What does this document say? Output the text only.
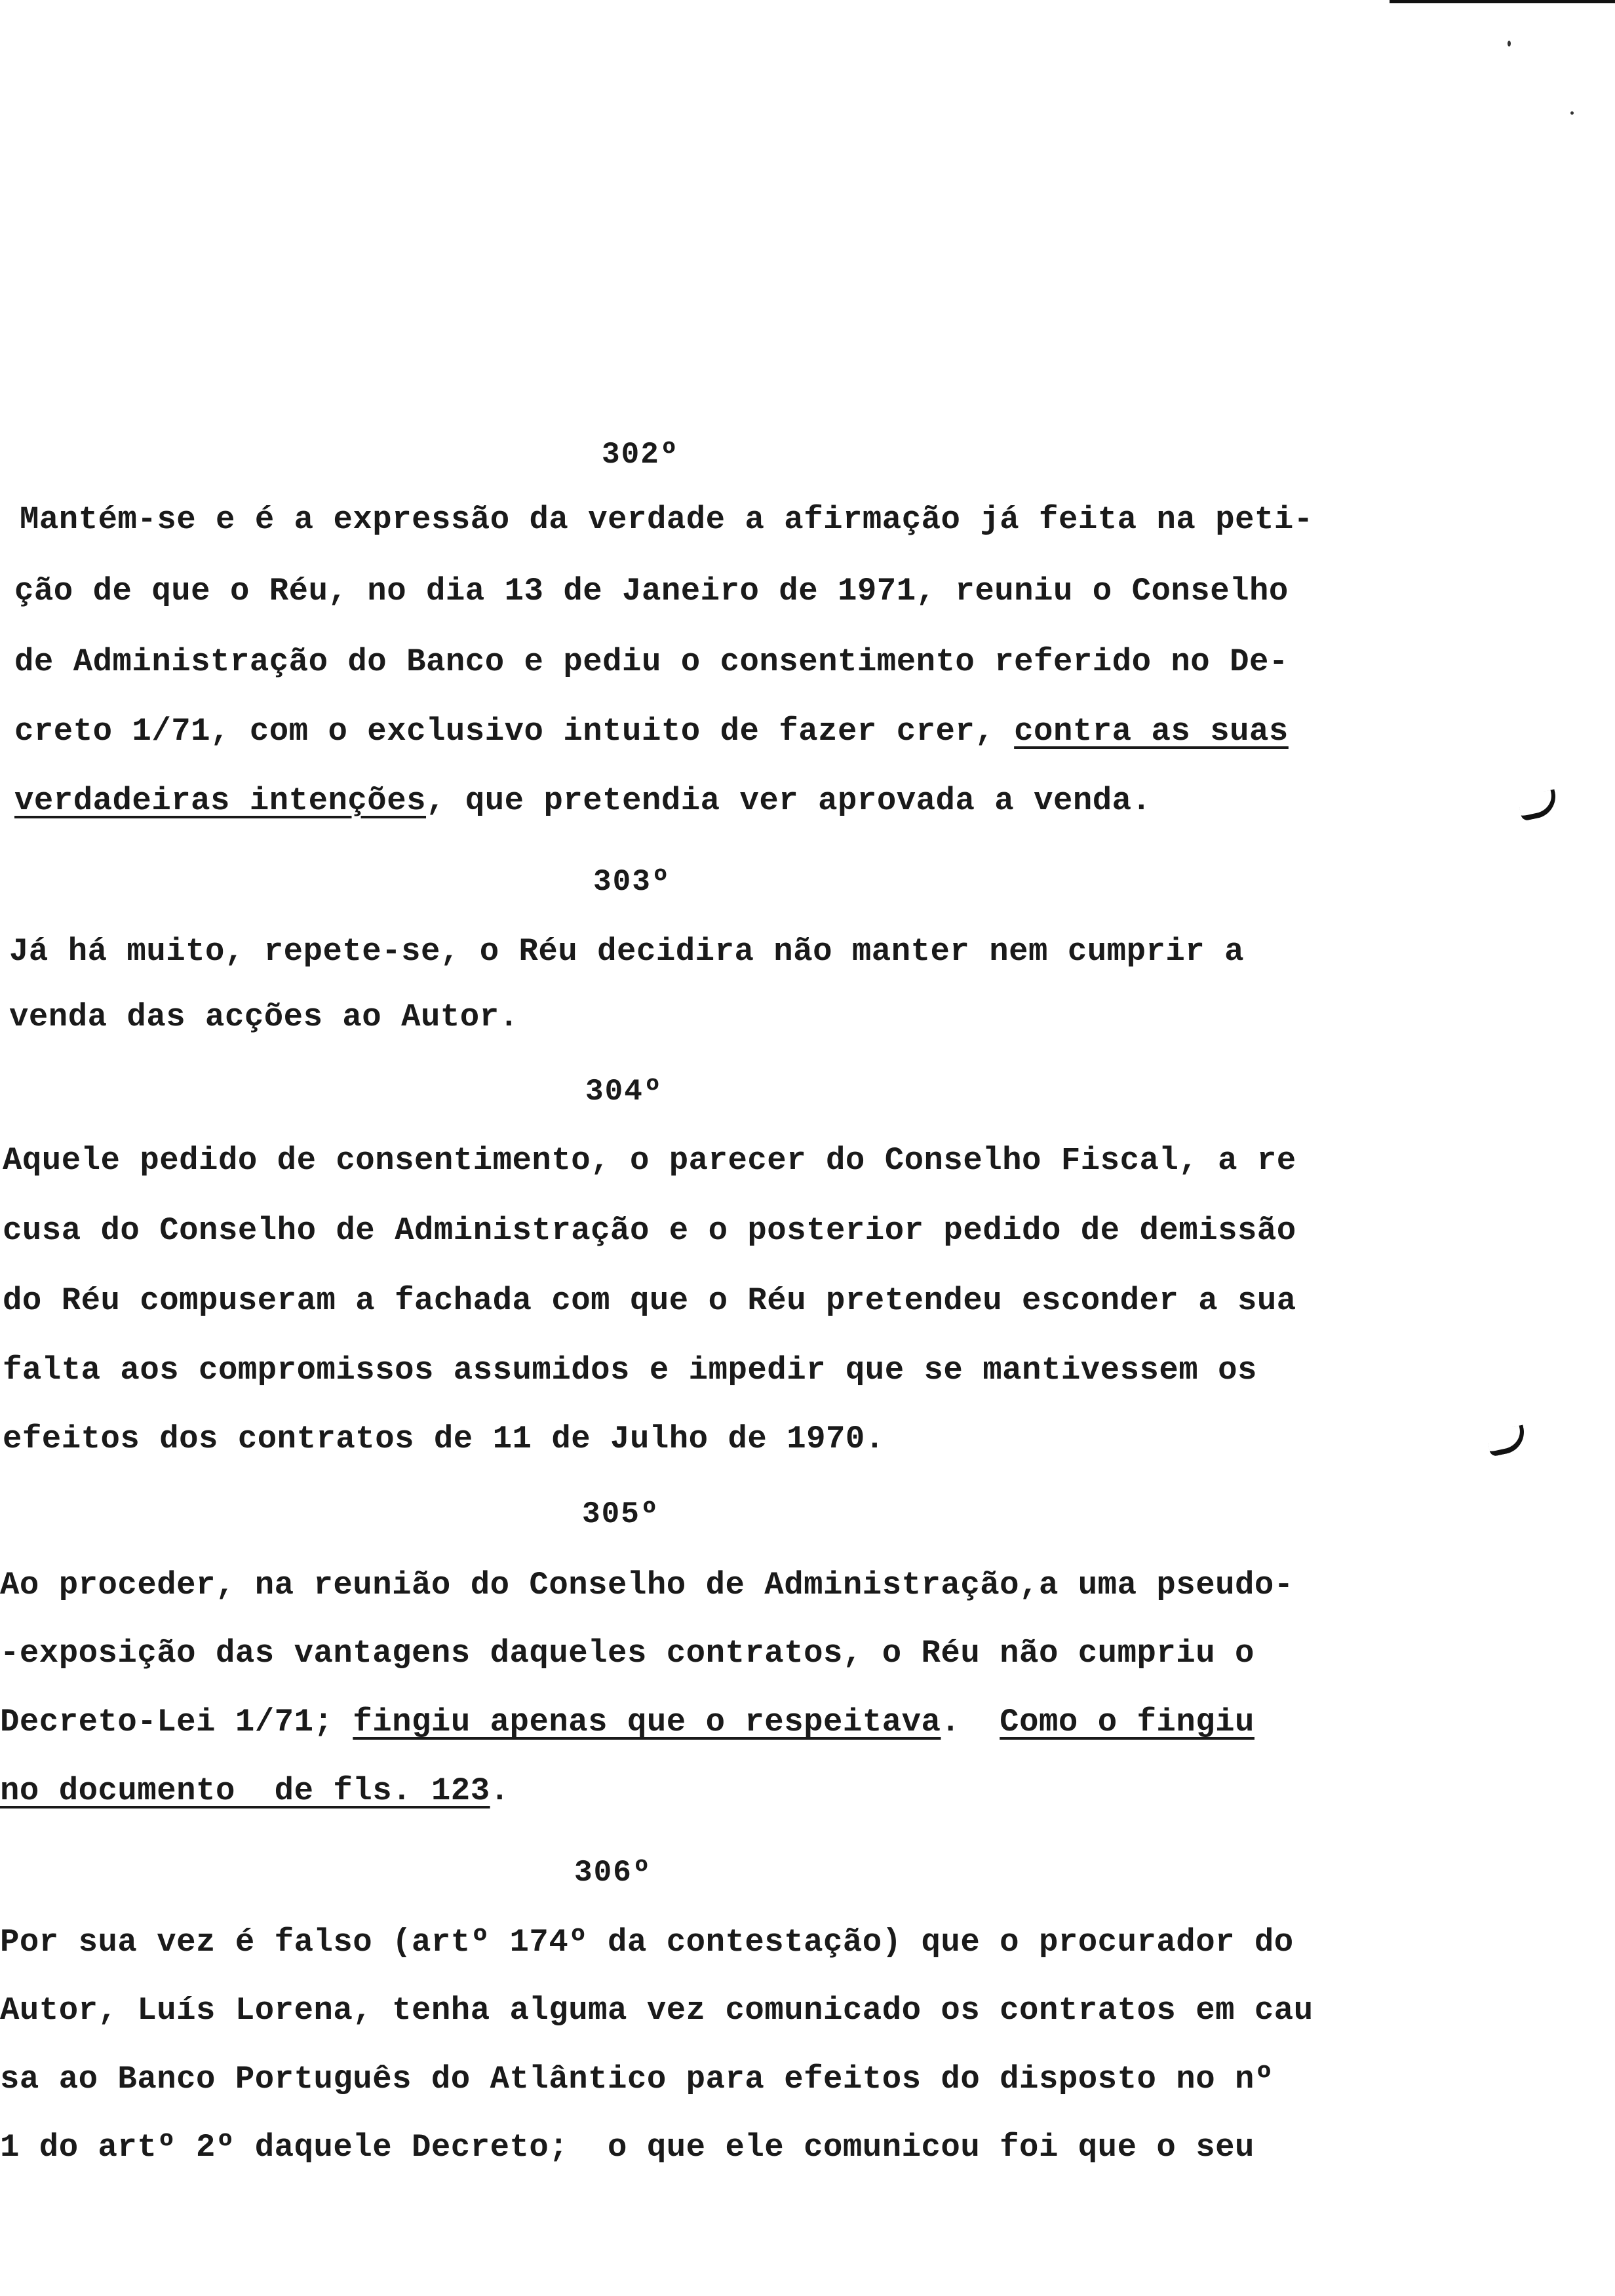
302º
Mantém-se e é a expressão da verdade a afirmação já feita na peti-
ção de que o Réu, no dia 13 de Janeiro de 1971, reuniu o Conselho
de Administração do Banco e pediu o consentimento referido no De-
creto 1/71, com o exclusivo intuito de fazer crer, contra as suas
verdadeiras intenções, que pretendia ver aprovada a venda.
303º
Já há muito, repete-se, o Réu decidira não manter nem cumprir a
venda das acções ao Autor.
304º
Aquele pedido de consentimento, o parecer do Conselho Fiscal, a re
cusa do Conselho de Administração e o posterior pedido de demissão
do Réu compuseram a fachada com que o Réu pretendeu esconder a sua
falta aos compromissos assumidos e impedir que se mantivessem os
efeitos dos contratos de 11 de Julho de 1970.
305º
Ao proceder, na reunião do Conselho de Administração,a uma pseudo-
-exposição das vantagens daqueles contratos, o Réu não cumpriu o
Decreto-Lei 1/71; fingiu apenas que o respeitava.  Como o fingiu
no documento  de fls. 123.
306º
Por sua vez é falso (artº 174º da contestação) que o procurador do
Autor, Luís Lorena, tenha alguma vez comunicado os contratos em cau
sa ao Banco Português do Atlântico para efeitos do disposto no nº
1 do artº 2º daquele Decreto;  o que ele comunicou foi que o seu
